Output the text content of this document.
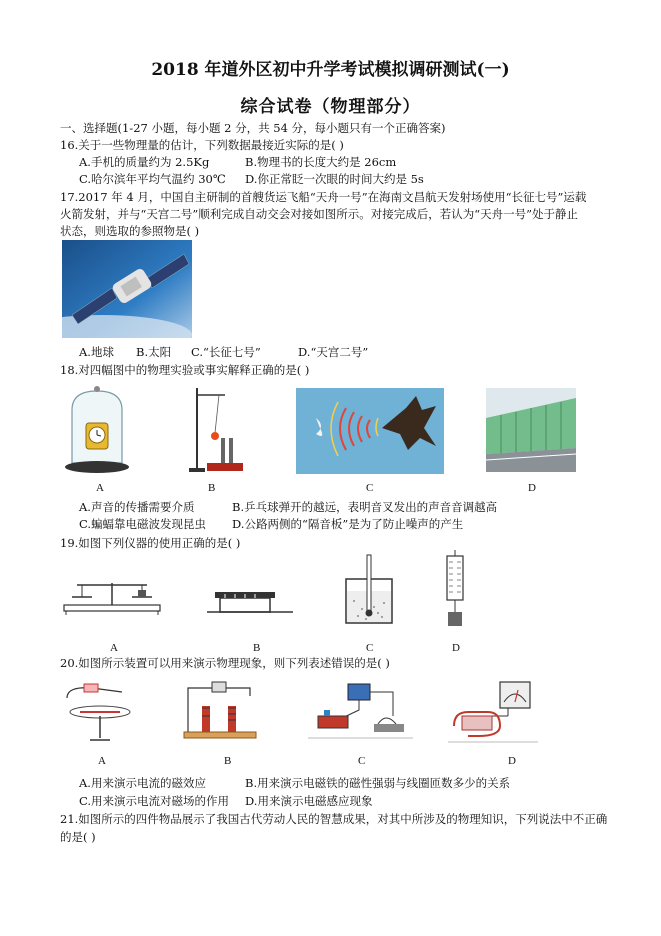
2018 年道外区初中升学考试模拟调研测试(一)
综合试卷（物理部分）
一、选择题(1-27 小题，每小题 2 分，共 54 分，每小题只有一个正确答案)
16.关于一些物理量的估计，下列数据最接近实际的是( )
A.手机的质量约为 2.5Kg	B.物理书的长度大约是 26cm
C.哈尔滨年平均气温约 30℃ D.你正常眨一次眼的时间大约是 5s
17.2017 年 4 月，中国自主研制的首艘货运飞船“天舟一号”在海南文昌航天发射场使用“长征七号”运载
火箭发射，并与“天宫二号”顺利完成自动交会对接如图所示。对接完成后，若认为“天舟一号”处于静止
状态，则选取的参照物是( )
A.地球 B.太阳 C.“长征七号”	D.“天宫二号”
18.对四幅图中的物理实验或事实解释正确的是( )
A	B	C	D
A.声音的传播需要介质	B.乒乓球弹开的越远，表明音叉发出的声音音调越高
C.蝙蝠靠电磁波发现昆虫 D.公路两侧的“隔音板”是为了防止噪声的产生
19.如图下列仪器的使用正确的是( )
A	B	C	D
20.如图所示装置可以用来演示物理现象，则下列表述错误的是( )
A	B	C	D
A.用来演示电流的磁效应	B.用来演示电磁铁的磁性强弱与线圈匝数多少的关系
C.用来演示电流对磁场的作用 D.用来演示电磁感应现象
21.如图所示的四件物品展示了我国古代劳动人民的智慧成果，对其中所涉及的物理知识，下列说法中不正确
的是( )
